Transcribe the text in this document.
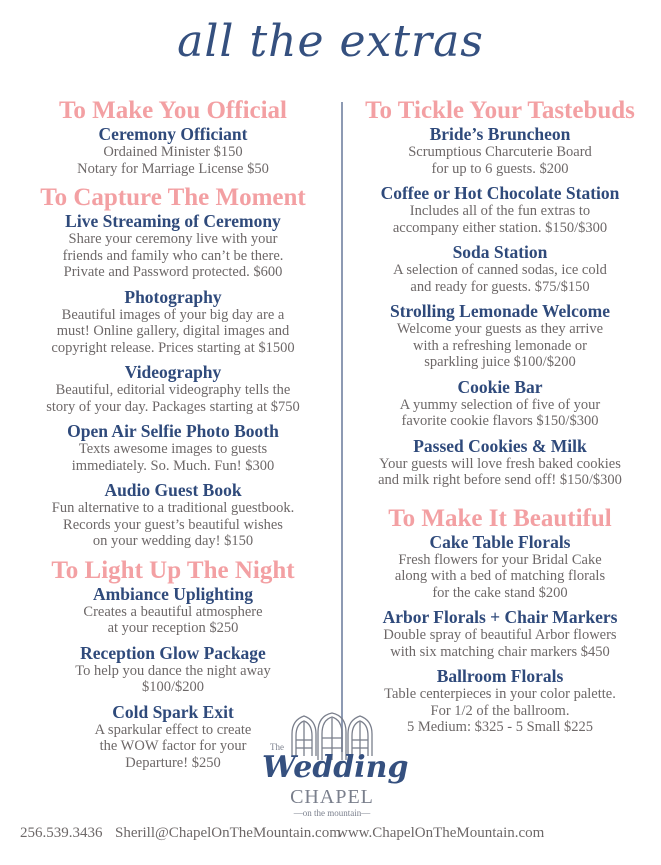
all the extras
To Make You Official

Ceremony Officiant

Ordained Minister $150
Notary for Marriage License $50

To Capture The Moment

Live Streaming of Ceremony

Share your ceremony live with your
friends and family who can’t be there.
Private and Password protected. $600

Photography

Beautiful images of your big day are a
must! Online gallery, digital images and
copyright release. Prices starting at $1500

Videography

Beautiful, editorial videography tells the
story of your day. Packages starting at $750

Open Air Selfie Photo Booth

Texts awesome images to guests
immediately. So. Much. Fun! $300

Audio Guest Book

Fun alternative to a traditional guestbook.
Records your guest’s beautiful wishes
on your wedding day! $150

To Light Up The Night

Ambiance Uplighting

Creates a beautiful atmosphere
at your reception $250

Reception Glow Package

To help you dance the night away
$100/$200

Cold Spark Exit

A sparkular effect to create
the WOW factor for your
Departure! $250

To Tickle Your Tastebuds

Bride’s Bruncheon

Scrumptious Charcuterie Board
for up to 6 guests. $200

Coffee or Hot Chocolate Station

Includes all of the fun extras to
accompany either station. $150/$300

Soda Station

A selection of canned sodas, ice cold
and ready for guests. $75/$150

Strolling Lemonade Welcome

Welcome your guests as they arrive
with a refreshing lemonade or
sparkling juice $100/$200

Cookie Bar

A yummy selection of five of your
favorite cookie flavors $150/$300

Passed Cookies & Milk

Your guests will love fresh baked cookies
and milk right before send off! $150/$300

To Make It Beautiful

Cake Table Florals

Fresh flowers for your Bridal Cake
along with a bed of matching florals
for the cake stand $200

Arbor Florals + Chair Markers

Double spray of beautiful Arbor flowers
with six matching chair markers $450

Ballroom Florals

Table centerpieces in your color palette.
For 1/2 of the ballroom.
5 Medium: $325 - 5 Small $225

The
Wedding
CHAPEL
—on the mountain—
256.539.3436 Sherill@ChapelOnTheMountain.com
www.ChapelOnTheMountain.com
